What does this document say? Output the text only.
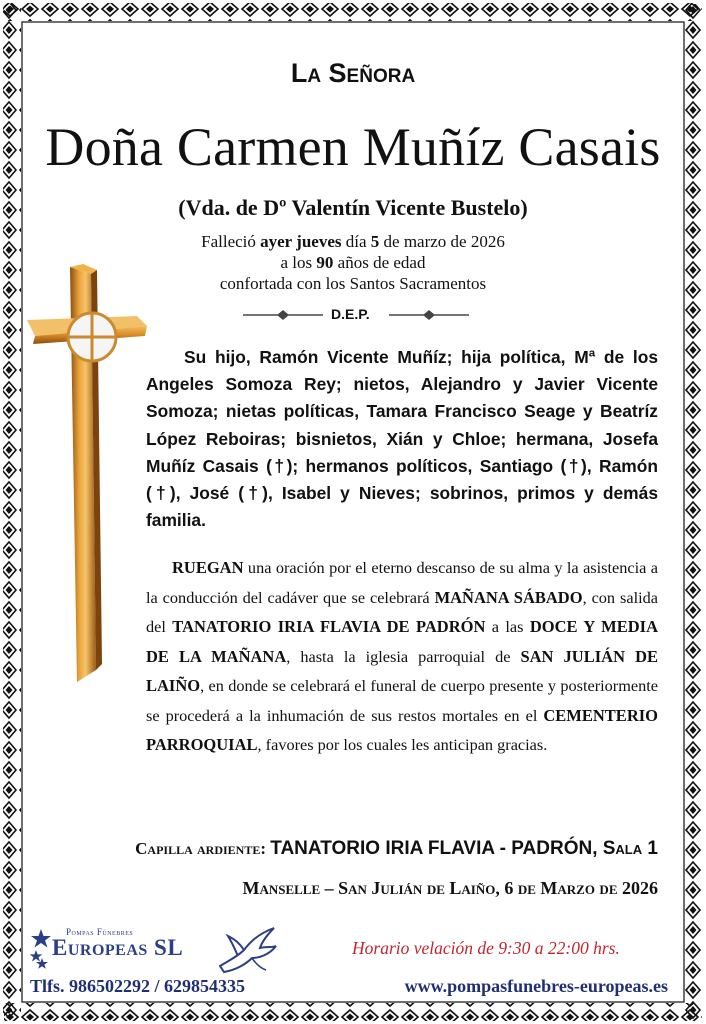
La Señora
Doña Carmen Muñíz Casais
(Vda. de Dº Valentín Vicente Bustelo)
Falleció ayer jueves día 5 de marzo de 2026
a los 90 años de edad
confortada con los Santos Sacramentos
D.E.P.
Su hijo, Ramón Vicente Muñíz; hija política, Mª de los Angeles Somoza Rey; nietos, Alejandro y Javier Vicente Somoza; nietas políticas, Tamara Francisco Seage y Beatríz López Reboiras; bisnietos, Xián y Chloe; hermana, Josefa Muñíz Casais (†); hermanos políticos, Santiago (†), Ramón (†), José (†), Isabel y Nieves; sobrinos, primos y demás familia.
RUEGAN una oración por el eterno descanso de su alma y la asistencia a la conducción del cadáver que se celebrará MAÑANA SÁBADO, con salida del TANATORIO IRIA FLAVIA DE PADRÓN a las DOCE Y MEDIA DE LA MAÑANA, hasta la iglesia parroquial de SAN JULIÁN DE LAIÑO, en donde se celebrará el funeral de cuerpo presente y posteriormente se procederá a la inhumación de sus restos mortales en el CEMENTERIO PARROQUIAL, favores por los cuales les anticipan gracias.
Capilla ardiente: TANATORIO IRIA FLAVIA - PADRÓN, Sala 1
Manselle – San Julián de Laiño, 6 de Marzo de 2026
Pompas Fúnebres
Europeas SL	Horario velación de 9:30 a 22:00 hrs.
Tlfs. 986502292 / 629854335	www.pompasfunebres-europeas.es
